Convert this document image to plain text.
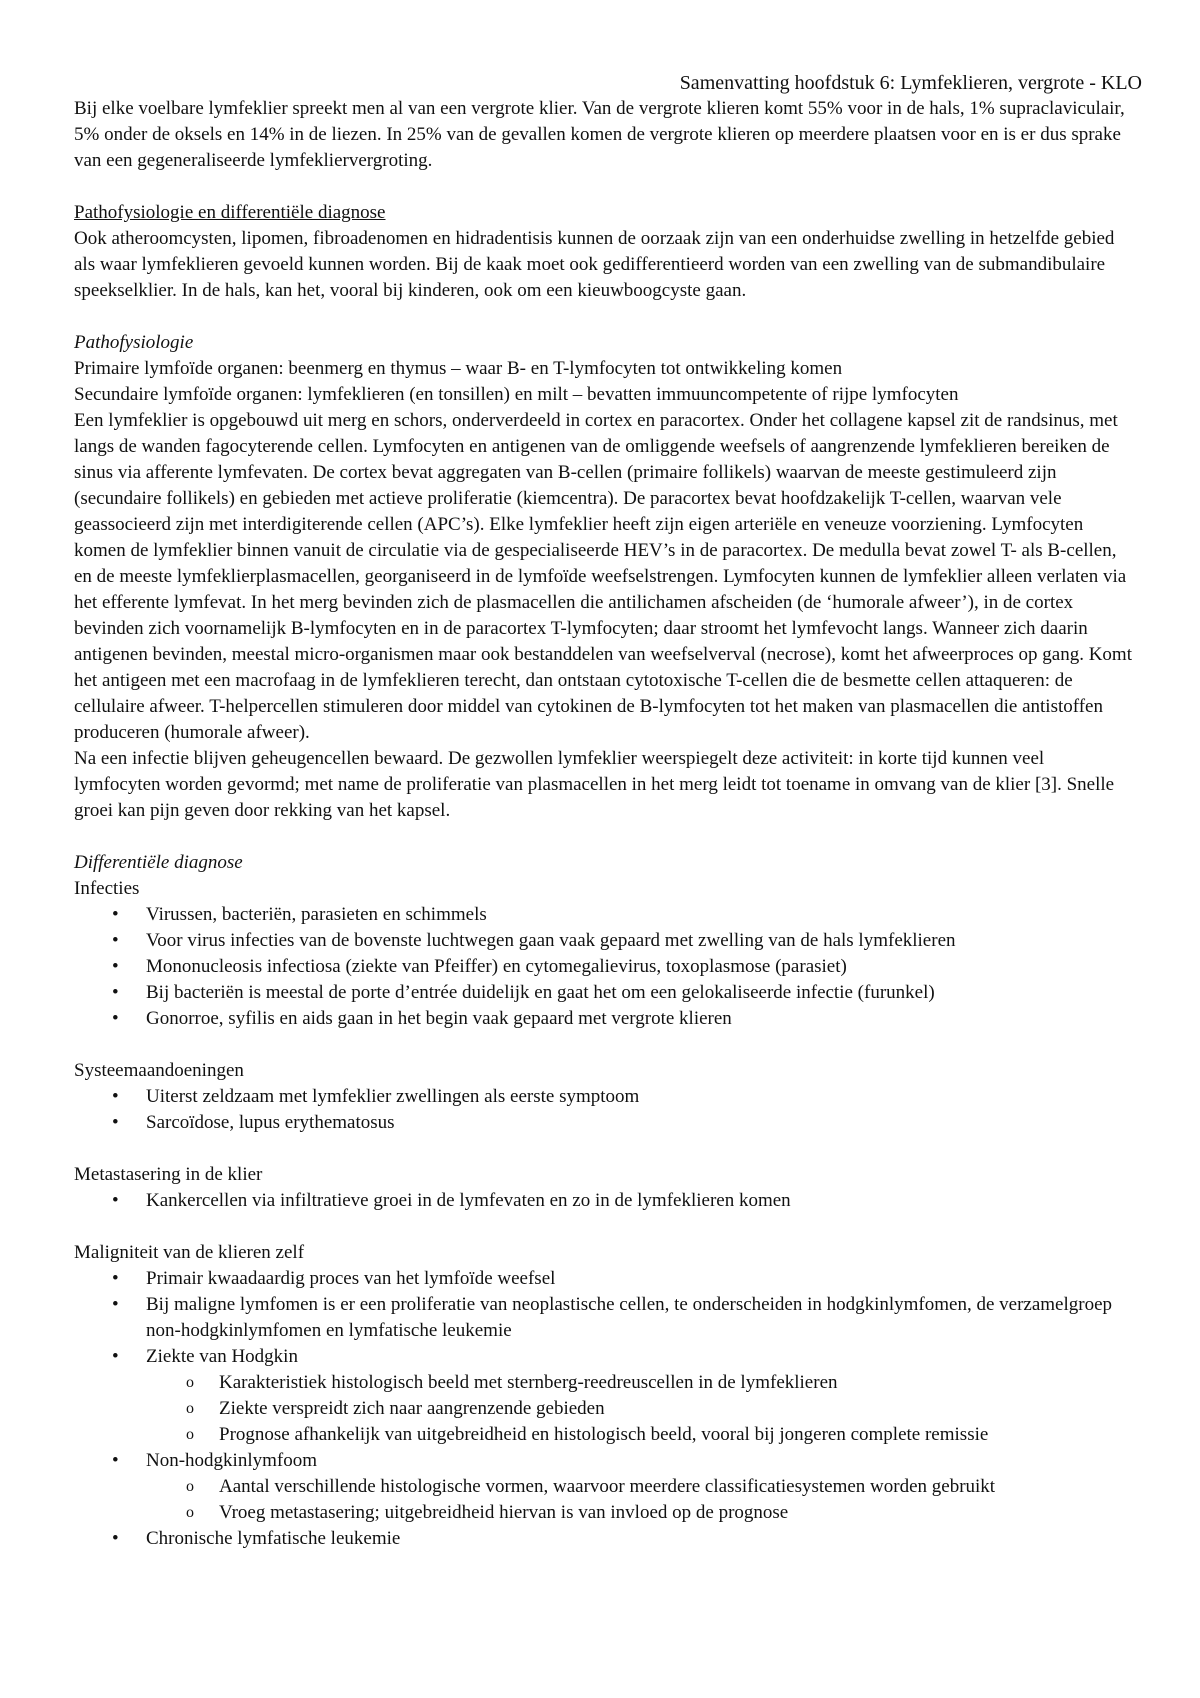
Samenvatting hoofdstuk 6: Lymfeklieren, vergrote - KLO

Bij elke voelbare lymfeklier spreekt men al van een vergrote klier. Van de vergrote klieren komt 55% voor in de hals, 1% supraclaviculair, 5% onder de oksels en 14% in de liezen. In 25% van de gevallen komen de vergrote klieren op meerdere plaatsen voor en is er dus sprake van een gegeneraliseerde lymfekliervergroting.

Pathofysiologie en differentiële diagnose

Ook atheroomcysten, lipomen, fibroadenomen en hidradentisis kunnen de oorzaak zijn van een onderhuidse zwelling in hetzelfde gebied als waar lymfeklieren gevoeld kunnen worden. Bij de kaak moet ook gedifferentieerd worden van een zwelling van de submandibulaire speekselklier. In de hals, kan het, vooral bij kinderen, ook om een kieuwboogcyste gaan.

Pathofysiologie

Primaire lymfoïde organen: beenmerg en thymus – waar B- en T-lymfocyten tot ontwikkeling komen

Secundaire lymfoïde organen: lymfeklieren (en tonsillen) en milt – bevatten immuuncompetente of rijpe lymfocyten

Een lymfeklier is opgebouwd uit merg en schors, onderverdeeld in cortex en paracortex. Onder het collagene kapsel zit de randsinus, met langs de wanden fagocyterende cellen. Lymfocyten en antigenen van de omliggende weefsels of aangrenzende lymfeklieren bereiken de sinus via afferente lymfevaten. De cortex bevat aggregaten van B-cellen (primaire follikels) waarvan de meeste gestimuleerd zijn (secundaire follikels) en gebieden met actieve proliferatie (kiemcentra). De paracortex bevat hoofdzakelijk T-cellen, waarvan vele geassocieerd zijn met interdigiterende cellen (APC’s). Elke lymfeklier heeft zijn eigen arteriële en veneuze voorziening. Lymfocyten komen de lymfeklier binnen vanuit de circulatie via de gespecialiseerde HEV’s in de paracortex. De medulla bevat zowel T- als B-cellen, en de meeste lymfeklierplasmacellen, georganiseerd in de lymfoïde weefselstrengen. Lymfocyten kunnen de lymfeklier alleen verlaten via het efferente lymfevat. In het merg bevinden zich de plasmacellen die antilichamen afscheiden (de ‘humorale afweer’), in de cortex bevinden zich voornamelijk B-lymfocyten en in de paracortex T-lymfocyten; daar stroomt het lymfevocht langs. Wanneer zich daarin antigenen bevinden, meestal micro-organismen maar ook bestanddelen van weefselverval (necrose), komt het afweerproces op gang. Komt het antigeen met een macrofaag in de lymfeklieren terecht, dan ontstaan cytotoxische T-cellen die de besmette cellen attaqueren: de cellulaire afweer. T-helpercellen stimuleren door middel van cytokinen de B-lymfocyten tot het maken van plasmacellen die antistoffen produceren (humorale afweer).

Na een infectie blijven geheugencellen bewaard. De gezwollen lymfeklier weerspiegelt deze activiteit: in korte tijd kunnen veel lymfocyten worden gevormd; met name de proliferatie van plasmacellen in het merg leidt tot toename in omvang van de klier [3]. Snelle groei kan pijn geven door rekking van het kapsel.

Differentiële diagnose

Infecties

• Virussen, bacteriën, parasieten en schimmels
• Voor virus infecties van de bovenste luchtwegen gaan vaak gepaard met zwelling van de hals lymfeklieren
• Mononucleosis infectiosa (ziekte van Pfeiffer) en cytomegalievirus, toxoplasmose (parasiet)
• Bij bacteriën is meestal de porte d’entrée duidelijk en gaat het om een gelokaliseerde infectie (furunkel)
• Gonorroe, syfilis en aids gaan in het begin vaak gepaard met vergrote klieren

Systeemaandoeningen

• Uiterst zeldzaam met lymfeklier zwellingen als eerste symptoom
• Sarcoïdose, lupus erythematosus

Metastasering in de klier

• Kankercellen via infiltratieve groei in de lymfevaten en zo in de lymfeklieren komen

Maligniteit van de klieren zelf

• Primair kwaadaardig proces van het lymfoïde weefsel
• Bij maligne lymfomen is er een proliferatie van neoplastische cellen, te onderscheiden in hodgkinlymfomen, de verzamelgroep non-hodgkinlymfomen en lymfatische leukemie
• Ziekte van Hodgkin
o Karakteristiek histologisch beeld met sternberg-reedreuscellen in de lymfeklieren
o Ziekte verspreidt zich naar aangrenzende gebieden
o Prognose afhankelijk van uitgebreidheid en histologisch beeld, vooral bij jongeren complete remissie
• Non-hodgkinlymfoom
o Aantal verschillende histologische vormen, waarvoor meerdere classificatiesystemen worden gebruikt
o Vroeg metastasering; uitgebreidheid hiervan is van invloed op de prognose
• Chronische lymfatische leukemie
